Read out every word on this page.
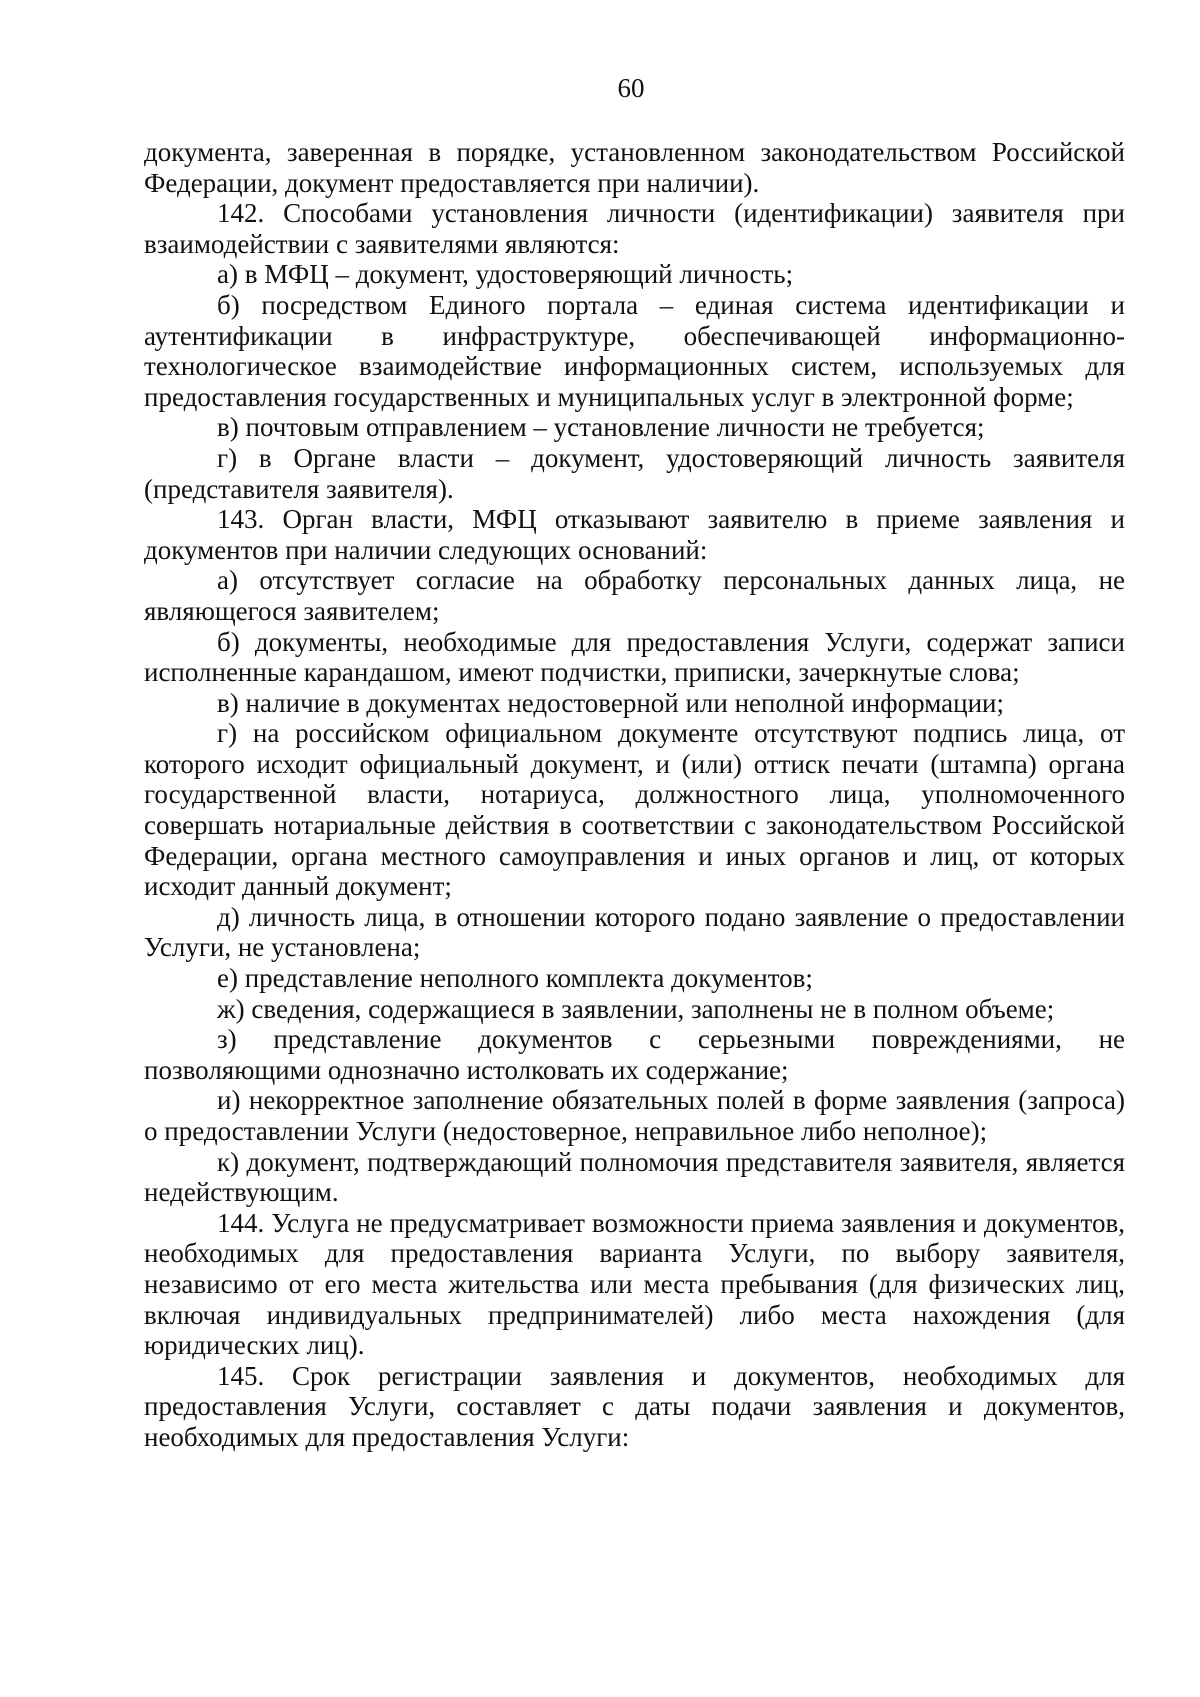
60

документа, заверенная в порядке, установленном законодательством Российской Федерации, документ предоставляется при наличии).

142. Способами установления личности (идентификации) заявителя при взаимодействии с заявителями являются:

а) в МФЦ – документ, удостоверяющий личность;

б) посредством Единого портала – единая система идентификации и аутентификации в инфраструктуре, обеспечивающей информационно-технологическое взаимодействие информационных систем, используемых для предоставления государственных и муниципальных услуг в электронной форме;

в) почтовым отправлением – установление личности не требуется;

г) в Органе власти – документ, удостоверяющий личность заявителя (представителя заявителя).

143. Орган власти, МФЦ отказывают заявителю в приеме заявления и документов при наличии следующих оснований:

а) отсутствует согласие на обработку персональных данных лица, не являющегося заявителем;

б) документы, необходимые для предоставления Услуги, содержат записи исполненные карандашом, имеют подчистки, приписки, зачеркнутые слова;

в) наличие в документах недостоверной или неполной информации;

г) на российском официальном документе отсутствуют подпись лица, от которого исходит официальный документ, и (или) оттиск печати (штампа) органа государственной власти, нотариуса, должностного лица, уполномоченного совершать нотариальные действия в соответствии с законодательством Российской Федерации, органа местного самоуправления и иных органов и лиц, от которых исходит данный документ;

д) личность лица, в отношении которого подано заявление о предоставлении Услуги, не установлена;

е) представление неполного комплекта документов;

ж) сведения, содержащиеся в заявлении, заполнены не в полном объеме;

з) представление документов с серьезными повреждениями, не позволяющими однозначно истолковать их содержание;

и) некорректное заполнение обязательных полей в форме заявления (запроса) о предоставлении Услуги (недостоверное, неправильное либо неполное);

к) документ, подтверждающий полномочия представителя заявителя, является недействующим.

144. Услуга не предусматривает возможности приема заявления и документов, необходимых для предоставления варианта Услуги, по выбору заявителя, независимо от его места жительства или места пребывания (для физических лиц, включая индивидуальных предпринимателей) либо места нахождения (для юридических лиц).

145. Срок регистрации заявления и документов, необходимых для предоставления Услуги, составляет с даты подачи заявления и документов, необходимых для предоставления Услуги:
